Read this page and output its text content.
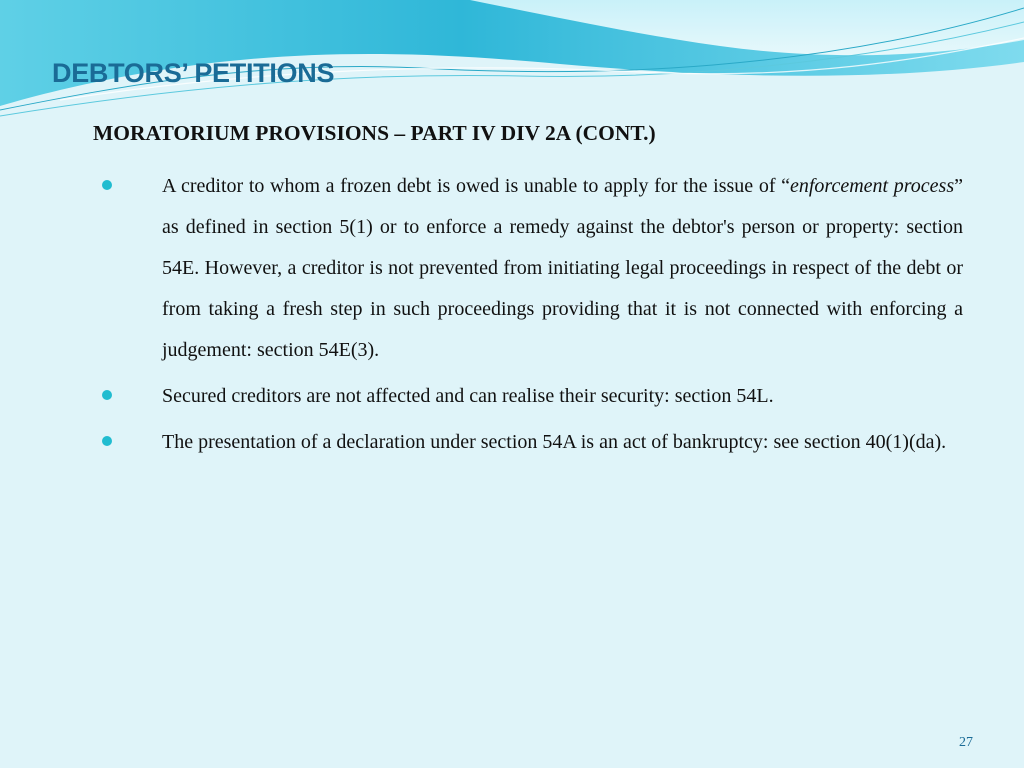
DEBTORS’ PETITIONS
MORATORIUM PROVISIONS – PART IV DIV 2A (CONT.)
A creditor to whom a frozen debt is owed is unable to apply for the issue of “enforcement process” as defined in section 5(1) or to enforce a remedy against the debtor's person or property: section 54E. However, a creditor is not prevented from initiating legal proceedings in respect of the debt or from taking a fresh step in such proceedings providing that it is not connected with enforcing a judgement: section 54E(3).
Secured creditors are not affected and can realise their security: section 54L.
The presentation of a declaration under section 54A is an act of bankruptcy: see section 40(1)(da).
27
